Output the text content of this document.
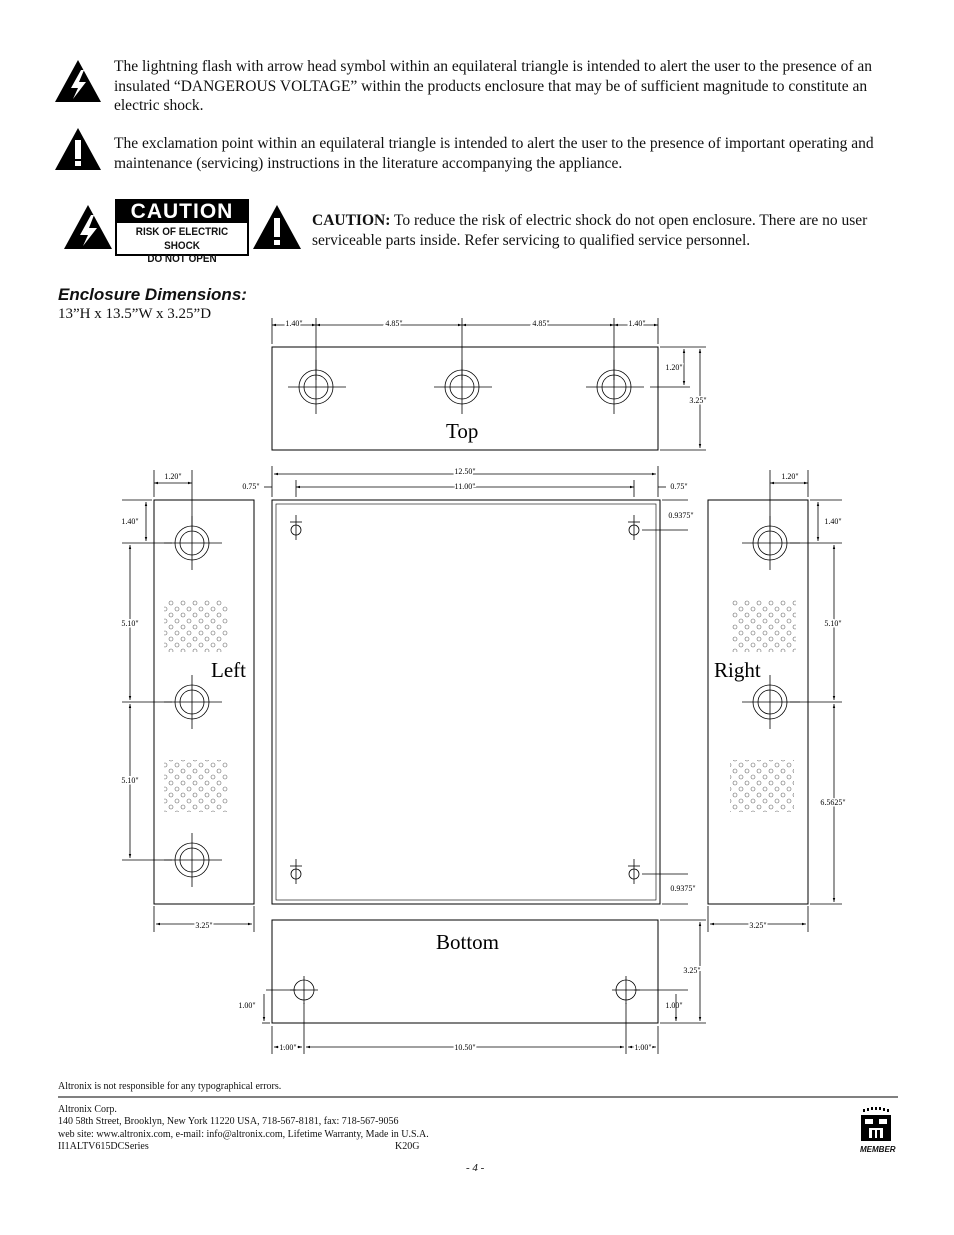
The lightning flash with arrow head symbol within an equilateral triangle is intended to alert the user to the presence of an insulated “DANGEROUS VOLTAGE” within the products enclosure that may be of sufficient magnitude to constitute an electric shock.
The exclamation point within an equilateral triangle is intended to alert the user to the presence of important operating and maintenance (servicing) instructions in the literature accompanying the appliance.
CAUTION
RISK OF ELECTRIC SHOCK
DO NOT OPEN
CAUTION: To reduce the risk of electric shock do not open enclosure. There are no user serviceable parts inside. Refer servicing to qualified service personnel.
Enclosure Dimensions:
13”H x 13.5”W x 3.25”D
1.40"	4.85"	4.85"	1.40"
1.20"
3.25"
12.50"
11.00"
0.75"	0.75"
0.9375"
0.9375"
1.20"
1.40"
5.10"
5.10"
3.25"
1.20"
1.40"
5.10"
6.5625"
3.25"
1.00"	1.00"
3.25"
1.00"	10.50"	1.00"
Top
Left	Right
Bottom
Altronix is not responsible for any typographical errors.
Altronix Corp.
140 58th Street, Brooklyn, New York 11220 USA, 718-567-8181, fax: 718-567-9056
web site: www.altronix.com, e-mail: info@altronix.com, Lifetime Warranty, Made in U.S.A.
II1ALTV615DCSeries	K20G
- 4 -
MEMBER
